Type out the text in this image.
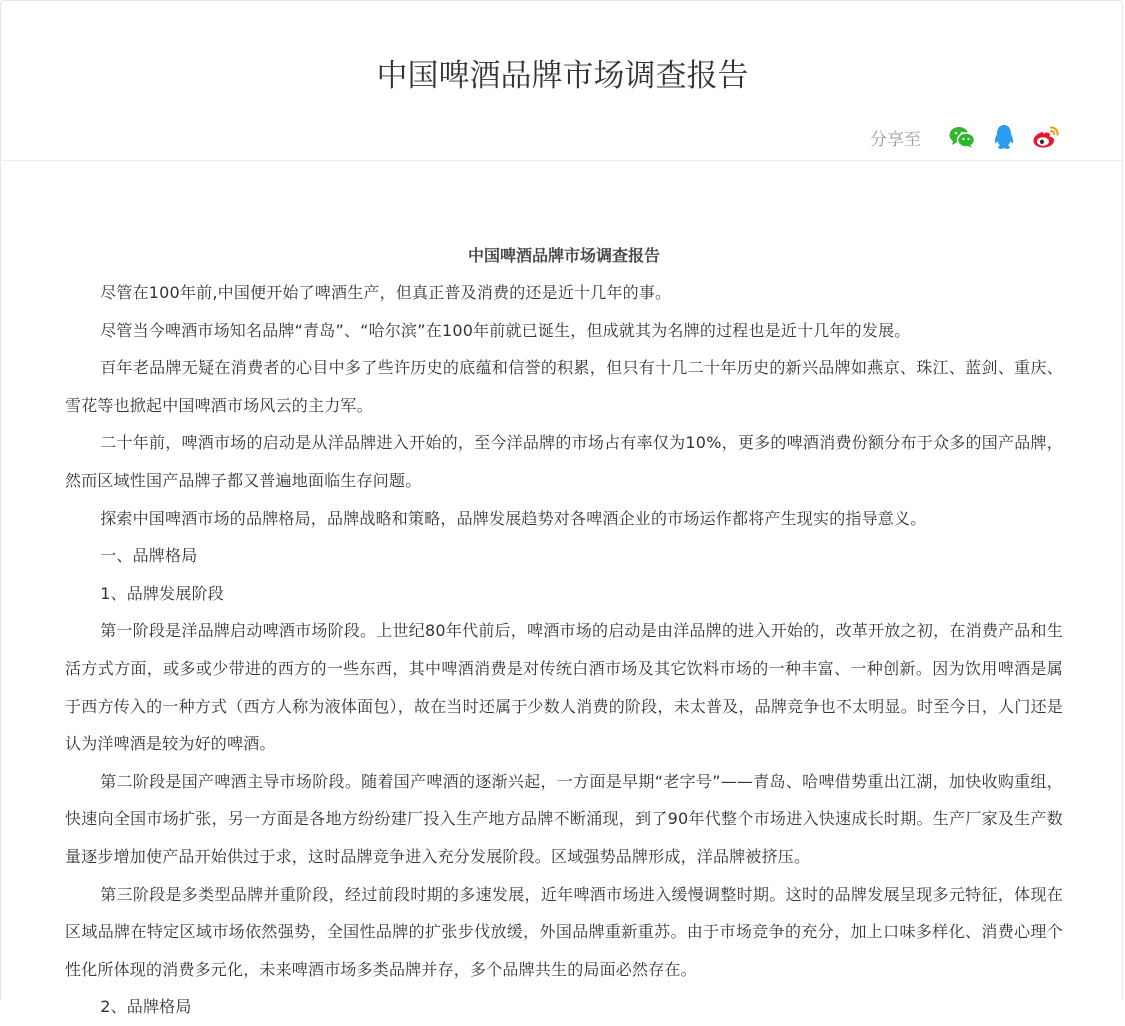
中国啤酒品牌市场调查报告
分享至

中国啤酒品牌市场调查报告

尽管在100年前,中国便开始了啤酒生产，但真正普及消费的还是近十几年的事。

尽管当今啤酒市场知名品牌“青岛”、“哈尔滨”在100年前就已诞生，但成就其为名牌的过程也是近十几年的发展。

百年老品牌无疑在消费者的心目中多了些许历史的底蕴和信誉的积累，但只有十几二十年历史的新兴品牌如燕京、珠江、蓝剑、重庆、雪花等也掀起中国啤酒市场风云的主力军。

二十年前，啤酒市场的启动是从洋品牌进入开始的，至今洋品牌的市场占有率仅为10%，更多的啤酒消费份额分布于众多的国产品牌，然而区域性国产品牌子都又普遍地面临生存问题。

探索中国啤酒市场的品牌格局，品牌战略和策略，品牌发展趋势对各啤酒企业的市场运作都将产生现实的指导意义。

一、品牌格局

1、品牌发展阶段

第一阶段是洋品牌启动啤酒市场阶段。上世纪80年代前后，啤酒市场的启动是由洋品牌的进入开始的，改革开放之初，在消费产品和生活方式方面，或多或少带进的西方的一些东西，其中啤酒消费是对传统白酒市场及其它饮料市场的一种丰富、一种创新。因为饮用啤酒是属于西方传入的一种方式（西方人称为液体面包），故在当时还属于少数人消费的阶段，未太普及，品牌竞争也不太明显。时至今日，人门还是认为洋啤酒是较为好的啤酒。

第二阶段是国产啤酒主导市场阶段。随着国产啤酒的逐渐兴起，一方面是早期“老字号”——青岛、哈啤借势重出江湖，加快收购重组，快速向全国市场扩张，另一方面是各地方纷纷建厂投入生产地方品牌不断涌现，到了90年代整个市场进入快速成长时期。生产厂家及生产数量逐步增加使产品开始供过于求，这时品牌竞争进入充分发展阶段。区域强势品牌形成，洋品牌被挤压。

第三阶段是多类型品牌并重阶段，经过前段时期的多速发展，近年啤酒市场进入缓慢调整时期。这时的品牌发展呈现多元特征，体现在区域品牌在特定区域市场依然强势，全国性品牌的扩张步伐放缓，外国品牌重新重苏。由于市场竞争的充分，加上口味多样化、消费心理个性化所体现的消费多元化，未来啤酒市场多类品牌并存，多个品牌共生的局面必然存在。

2、品牌格局
